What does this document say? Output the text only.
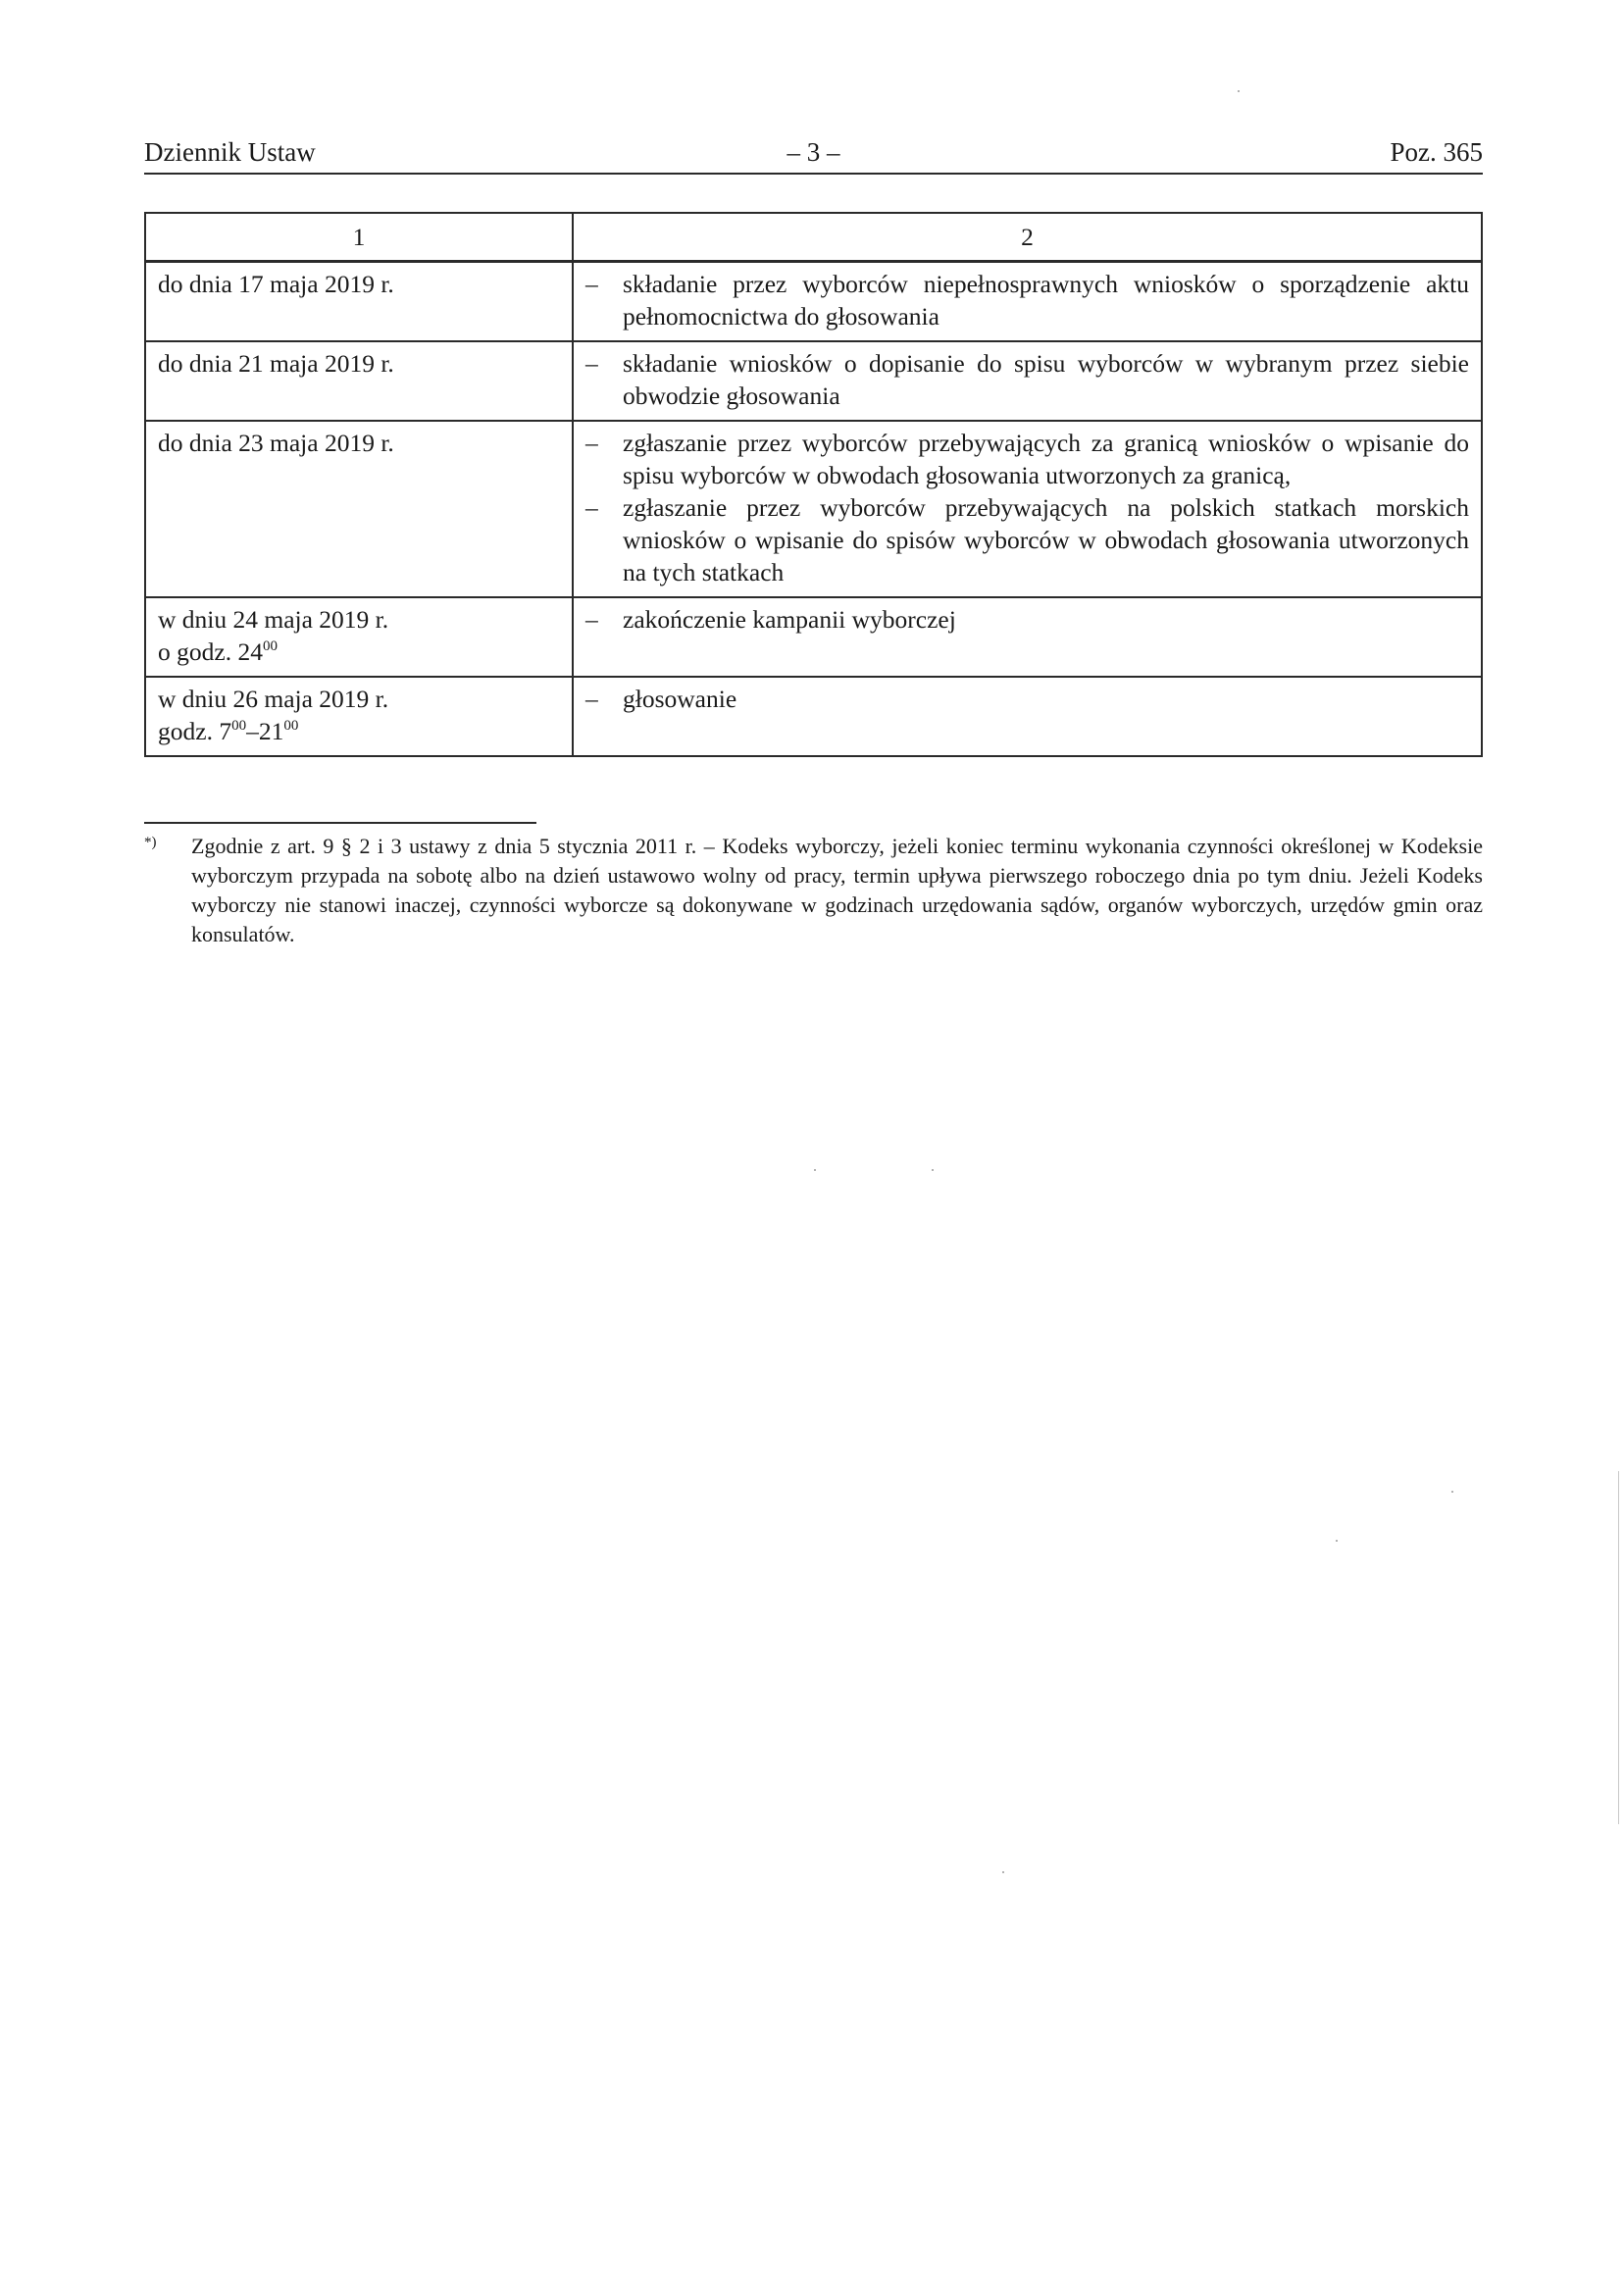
Dziennik Ustaw	– 3 –	Poz. 365
1	2

do dnia 17 maja 2019 r.	– składanie przez wyborców niepełnosprawnych wniosków o sporządzenie aktu pełnomocnictwa do głosowania

do dnia 21 maja 2019 r.	– składanie wniosków o dopisanie do spisu wyborców w wybranym przez siebie obwodzie głosowania

do dnia 23 maja 2019 r.	– zgłaszanie przez wyborców przebywających za granicą wniosków o wpisanie do spisu wyborców w obwodach głosowania utworzonych za granicą,
– zgłaszanie przez wyborców przebywających na polskich statkach morskich wniosków o wpisanie do spisów wyborców w obwodach głosowania utworzonych na tych statkach

w dniu 24 maja 2019 r.
o godz. $24^{00}$	– zakończenie kampanii wyborczej

w dniu 26 maja 2019 r.
godz. $7^{00}-21^{00}$	– głosowanie
*)	Zgodnie z art. 9 § 2 i 3 ustawy z dnia 5 stycznia 2011 r. – Kodeks wyborczy, jeżeli koniec terminu wykonania czynności określonej w Kodeksie wyborczym przypada na sobotę albo na dzień ustawowo wolny od pracy, termin upływa pierwszego roboczego dnia po tym dniu. Jeżeli Kodeks wyborczy nie stanowi inaczej, czynności wyborcze są dokonywane w godzinach urzędowania sądów, organów wyborczych, urzędów gmin oraz konsulatów.
